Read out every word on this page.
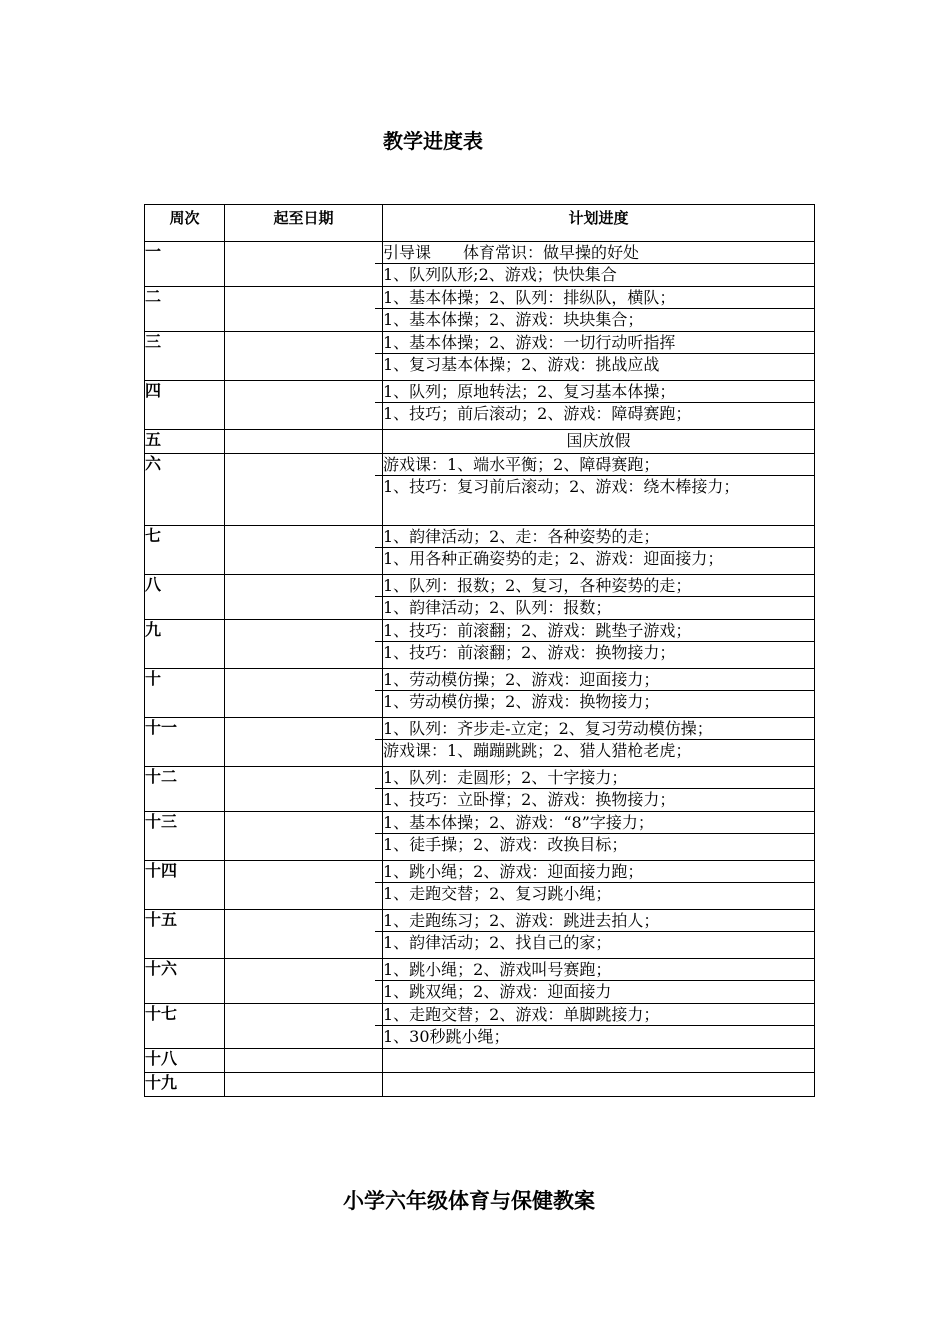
教学进度表
周次	起至日期	计划进度
一		引导课　　体育常识：做早操的好处
1、队列队形;2、游戏；快快集合

二		1、基本体操；2、队列：排纵队，横队；
1、基本体操；2、游戏：块块集合；

三		1、基本体操；2、游戏：一切行动听指挥
1、复习基本体操；2、游戏：挑战应战

四		1、队列；原地转法；2、复习基本体操；
1、技巧；前后滚动；2、游戏：障碍赛跑；

五		国庆放假

六		游戏课：1、端水平衡；2、障碍赛跑；
1、技巧：复习前后滚动；2、游戏：绕木棒接力；

七		1、韵律活动；2、走：各种姿势的走；
1、用各种正确姿势的走；2、游戏：迎面接力；

八		1、队列：报数；2、复习，各种姿势的走；
1、韵律活动；2、队列：报数；

九		1、技巧：前滚翻；2、游戏：跳垫子游戏；
1、技巧：前滚翻；2、游戏：换物接力；

十		1、劳动模仿操；2、游戏：迎面接力；
1、劳动模仿操；2、游戏：换物接力；

十一		1、队列：齐步走-立定；2、复习劳动模仿操；
游戏课：1、蹦蹦跳跳；2、猎人猎枪老虎；

十二		1、队列：走圆形；2、十字接力；
1、技巧：立卧撑；2、游戏：换物接力；

十三		1、基本体操；2、游戏：“8”字接力；
1、徒手操；2、游戏：改换目标；

十四		1、跳小绳；2、游戏：迎面接力跑；
1、走跑交替；2、复习跳小绳；

十五		1、走跑练习；2、游戏：跳进去拍人；
1、韵律活动；2、找自己的家；

十六		1、跳小绳；2、游戏叫号赛跑；
1、跳双绳；2、游戏：迎面接力

十七		1、走跑交替；2、游戏：单脚跳接力；
1、30秒跳小绳；

十八		

十九		
小学六年级体育与保健教案
